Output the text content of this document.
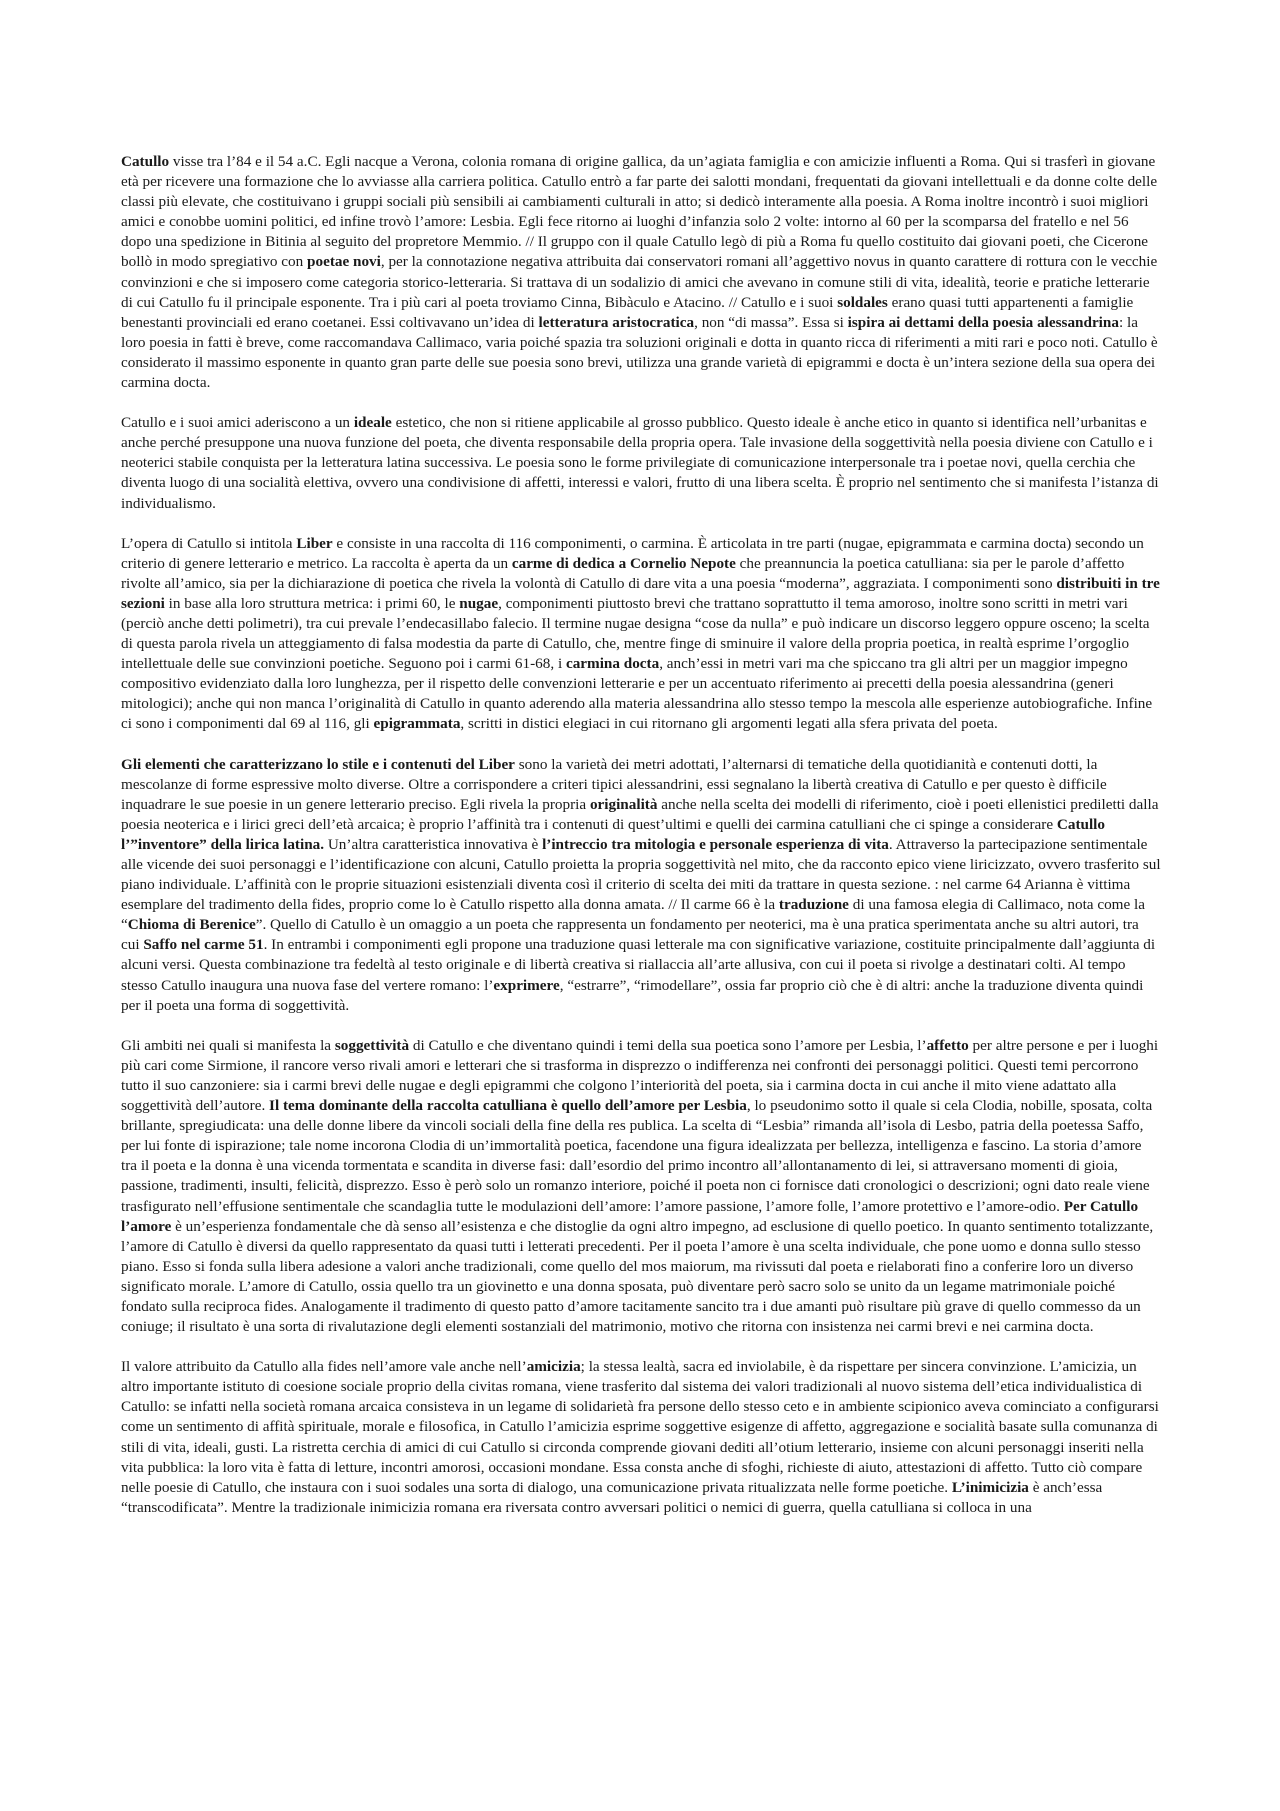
Catullo visse tra l’84 e il 54 a.C. Egli nacque a Verona, colonia romana di origine gallica, da un’agiata famiglia e con amicizie influenti a Roma. Qui si trasferì in giovane età per ricevere una formazione che lo avviasse alla carriera politica. Catullo entrò a far parte dei salotti mondani, frequentati da giovani intellettuali e da donne colte delle classi più elevate, che costituivano i gruppi sociali più sensibili ai cambiamenti culturali in atto; si dedicò interamente alla poesia. A Roma inoltre incontrò i suoi migliori amici e conobbe uomini politici, ed infine trovò l’amore: Lesbia. Egli fece ritorno ai luoghi d’infanzia solo 2 volte: intorno al 60 per la scomparsa del fratello e nel 56 dopo una spedizione in Bitinia al seguito del propretore Memmio. // Il gruppo con il quale Catullo legò di più a Roma fu quello costituito dai giovani poeti, che Cicerone bollò in modo spregiativo con poetae novi, per la connotazione negativa attribuita dai conservatori romani all’aggettivo novus in quanto carattere di rottura con le vecchie convinzioni e che si imposero come categoria storico-letteraria. Si trattava di un sodalizio di amici che avevano in comune stili di vita, idealità, teorie e pratiche letterarie di cui Catullo fu il principale esponente. Tra i più cari al poeta troviamo Cinna, Bibàculo e Atacino. // Catullo e i suoi soldales erano quasi tutti appartenenti a famiglie benestanti provinciali ed erano coetanei. Essi coltivavano un’idea di letteratura aristocratica, non “di massa”. Essa si ispira ai dettami della poesia alessandrina: la loro poesia in fatti è breve, come raccomandava Callimaco, varia poiché spazia tra soluzioni originali e dotta in quanto ricca di riferimenti a miti rari e poco noti. Catullo è considerato il massimo esponente in quanto gran parte delle sue poesia sono brevi, utilizza una grande varietà di epigrammi e docta è un’intera sezione della sua opera dei carmina docta.

Catullo e i suoi amici aderiscono a un ideale estetico, che non si ritiene applicabile al grosso pubblico. Questo ideale è anche etico in quanto si identifica nell’urbanitas e anche perché presuppone una nuova funzione del poeta, che diventa responsabile della propria opera. Tale invasione della soggettività nella poesia diviene con Catullo e i neoterici stabile conquista per la letteratura latina successiva. Le poesia sono le forme privilegiate di comunicazione interpersonale tra i poetae novi, quella cerchia che diventa luogo di una socialità elettiva, ovvero una condivisione di affetti, interessi e valori, frutto di una libera scelta. È proprio nel sentimento che si manifesta l’istanza di individualismo.

L’opera di Catullo si intitola Liber e consiste in una raccolta di 116 componimenti, o carmina. È articolata in tre parti (nugae, epigrammata e carmina docta) secondo un criterio di genere letterario e metrico. La raccolta è aperta da un carme di dedica a Cornelio Nepote che preannuncia la poetica catulliana: sia per le parole d’affetto rivolte all’amico, sia per la dichiarazione di poetica che rivela la volontà di Catullo di dare vita a una poesia “moderna”, aggraziata. I componimenti sono distribuiti in tre sezioni in base alla loro struttura metrica: i primi 60, le nugae, componimenti piuttosto brevi che trattano soprattutto il tema amoroso, inoltre sono scritti in metri vari (perciò anche detti polimetri), tra cui prevale l’endecasillabo falecio. Il termine nugae designa “cose da nulla” e può indicare un discorso leggero oppure osceno; la scelta di questa parola rivela un atteggiamento di falsa modestia da parte di Catullo, che, mentre finge di sminuire il valore della propria poetica, in realtà esprime l’orgoglio intellettuale delle sue convinzioni poetiche. Seguono poi i carmi 61-68, i carmina docta, anch’essi in metri vari ma che spiccano tra gli altri per un maggior impegno compositivo evidenziato dalla loro lunghezza, per il rispetto delle convenzioni letterarie e per un accentuato riferimento ai precetti della poesia alessandrina (generi mitologici); anche qui non manca l’originalità di Catullo in quanto aderendo alla materia alessandrina allo stesso tempo la mescola alle esperienze autobiografiche. Infine ci sono i componimenti dal 69 al 116, gli epigrammata, scritti in distici elegiaci in cui ritornano gli argomenti legati alla sfera privata del poeta.

Gli elementi che caratterizzano lo stile e i contenuti del Liber sono la varietà dei metri adottati, l’alternarsi di tematiche della quotidianità e contenuti dotti, la mescolanze di forme espressive molto diverse. Oltre a corrispondere a criteri tipici alessandrini, essi segnalano la libertà creativa di Catullo e per questo è difficile inquadrare le sue poesie in un genere letterario preciso. Egli rivela la propria originalità anche nella scelta dei modelli di riferimento, cioè i poeti ellenistici prediletti dalla poesia neoterica e i lirici greci dell’età arcaica; è proprio l’affinità tra i contenuti di quest’ultimi e quelli dei carmina catulliani che ci spinge a considerare Catullo l’”inventore” della lirica latina. Un’altra caratteristica innovativa è l’intreccio tra mitologia e personale esperienza di vita. Attraverso la partecipazione sentimentale alle vicende dei suoi personaggi e l’identificazione con alcuni, Catullo proietta la propria soggettività nel mito, che da racconto epico viene liricizzato, ovvero trasferito sul piano individuale. L’affinità con le proprie situazioni esistenziali diventa così il criterio di scelta dei miti da trattare in questa sezione. : nel carme 64 Arianna è vittima esemplare del tradimento della fides, proprio come lo è Catullo rispetto alla donna amata. // Il carme 66 è la traduzione di una famosa elegia di Callimaco, nota come la “Chioma di Berenice”. Quello di Catullo è un omaggio a un poeta che rappresenta un fondamento per neoterici, ma è una pratica sperimentata anche su altri autori, tra cui Saffo nel carme 51. In entrambi i componimenti egli propone una traduzione quasi letterale ma con significative variazione, costituite principalmente dall’aggiunta di alcuni versi. Questa combinazione tra fedeltà al testo originale e di libertà creativa si riallaccia all’arte allusiva, con cui il poeta si rivolge a destinatari colti. Al tempo stesso Catullo inaugura una nuova fase del vertere romano: l’exprimere, “estrarre”, “rimodellare”, ossia far proprio ciò che è di altri: anche la traduzione diventa quindi per il poeta una forma di soggettività.

Gli ambiti nei quali si manifesta la soggettività di Catullo e che diventano quindi i temi della sua poetica sono l’amore per Lesbia, l’affetto per altre persone e per i luoghi più cari come Sirmione, il rancore verso rivali amori e letterari che si trasforma in disprezzo o indifferenza nei confronti dei personaggi politici. Questi temi percorrono tutto il suo canzoniere: sia i carmi brevi delle nugae e degli epigrammi che colgono l’interiorità del poeta, sia i carmina docta in cui anche il mito viene adattato alla soggettività dell’autore. Il tema dominante della raccolta catulliana è quello dell’amore per Lesbia, lo pseudonimo sotto il quale si cela Clodia, nobille, sposata, colta brillante, spregiudicata: una delle donne libere da vincoli sociali della fine della res publica. La scelta di “Lesbia” rimanda all’isola di Lesbo, patria della poetessa Saffo, per lui fonte di ispirazione; tale nome incorona Clodia di un’immortalità poetica, facendone una figura idealizzata per bellezza, intelligenza e fascino. La storia d’amore tra il poeta e la donna è una vicenda tormentata e scandita in diverse fasi: dall’esordio del primo incontro all’allontanamento di lei, si attraversano momenti di gioia, passione, tradimenti, insulti, felicità, disprezzo. Esso è però solo un romanzo interiore, poiché il poeta non ci fornisce dati cronologici o descrizioni; ogni dato reale viene trasfigurato nell’effusione sentimentale che scandaglia tutte le modulazioni dell’amore: l’amore passione, l’amore folle, l’amore protettivo e l’amore-odio. Per Catullo l’amore è un’esperienza fondamentale che dà senso all’esistenza e che distoglie da ogni altro impegno, ad esclusione di quello poetico. In quanto sentimento totalizzante, l’amore di Catullo è diversi da quello rappresentato da quasi tutti i letterati precedenti. Per il poeta l’amore è una scelta individuale, che pone uomo e donna sullo stesso piano. Esso si fonda sulla libera adesione a valori anche tradizionali, come quello del mos maiorum, ma rivissuti dal poeta e rielaborati fino a conferire loro un diverso significato morale. L’amore di Catullo, ossia quello tra un giovinetto e una donna sposata, può diventare però sacro solo se unito da un legame matrimoniale poiché fondato sulla reciproca fides. Analogamente il tradimento di questo patto d’amore tacitamente sancito tra i due amanti può risultare più grave di quello commesso da un coniuge; il risultato è una sorta di rivalutazione degli elementi sostanziali del matrimonio, motivo che ritorna con insistenza nei carmi brevi e nei carmina docta.

Il valore attribuito da Catullo alla fides nell’amore vale anche nell’amicizia; la stessa lealtà, sacra ed inviolabile, è da rispettare per sincera convinzione. L’amicizia, un altro importante istituto di coesione sociale proprio della civitas romana, viene trasferito dal sistema dei valori tradizionali al nuovo sistema dell’etica individualistica di Catullo: se infatti nella società romana arcaica consisteva in un legame di solidarietà fra persone dello stesso ceto e in ambiente scipionico aveva cominciato a configurarsi come un sentimento di affità spirituale, morale e filosofica, in Catullo l’amicizia esprime soggettive esigenze di affetto, aggregazione e socialità basate sulla comunanza di stili di vita, ideali, gusti. La ristretta cerchia di amici di cui Catullo si circonda comprende giovani dediti all’otium letterario, insieme con alcuni personaggi inseriti nella vita pubblica: la loro vita è fatta di letture, incontri amorosi, occasioni mondane. Essa consta anche di sfoghi, richieste di aiuto, attestazioni di affetto. Tutto ciò compare nelle poesie di Catullo, che instaura con i suoi sodales una sorta di dialogo, una comunicazione privata ritualizzata nelle forme poetiche. L’inimicizia è anch’essa “transcodificata”. Mentre la tradizionale inimicizia romana era riversata contro avversari politici o nemici di guerra, quella catulliana si colloca in una
